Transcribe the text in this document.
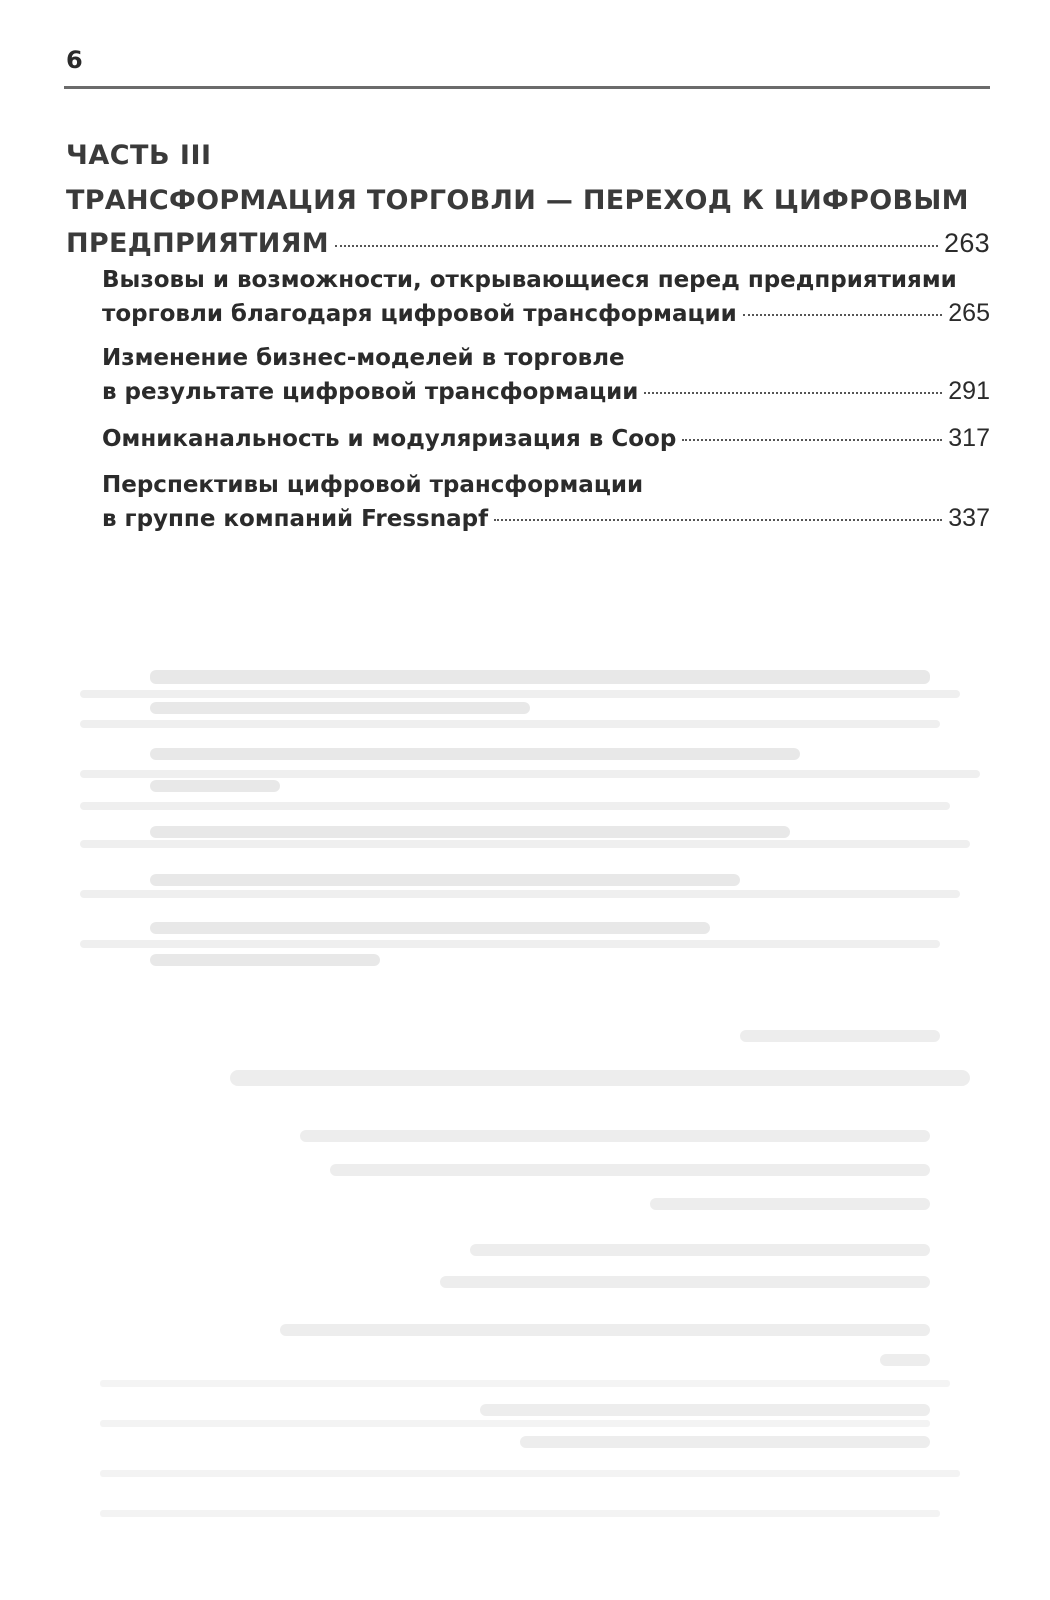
6
ЧАСТЬ III
ТРАНСФОРМАЦИЯ ТОРГОВЛИ — ПЕРЕХОД К ЦИФРОВЫМ
ПРЕДПРИЯТИЯМ	263
Вызовы и возможности, открывающиеся перед предприятиями
торговли благодаря цифровой трансформации	265
Изменение бизнес-моделей в торговле
в результате цифровой трансформации	291
Омниканальность и модуляризация в Coop	317
Перспективы цифровой трансформации
в группе компаний Fressnapf	337
